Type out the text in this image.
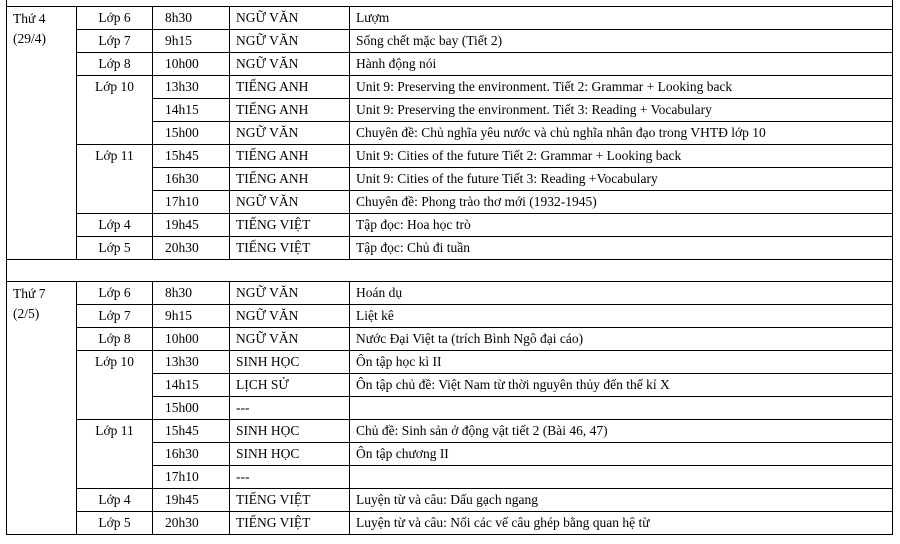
Thứ 4
(29/4)	Lớp 6	8h30	NGỮ VĂN	Lượm
	Lớp 7	9h15	NGỮ VĂN	Sống chết mặc bay (Tiết 2)
	Lớp 8	10h00	NGỮ VĂN	Hành động nói
	Lớp 10	13h30	TIẾNG ANH	Unit 9: Preserving the environment. Tiết 2: Grammar + Looking back
		14h15	TIẾNG ANH	Unit 9: Preserving the environment. Tiết 3: Reading + Vocabulary
		15h00	NGỮ VĂN	Chuyên đề: Chủ nghĩa yêu nước và chủ nghĩa nhân đạo trong VHTĐ lớp 10
	Lớp 11	15h45	TIẾNG ANH	Unit 9: Cities of the future Tiết 2: Grammar + Looking back
		16h30	TIẾNG ANH	Unit 9: Cities of the future Tiết 3: Reading +Vocabulary
		17h10	NGỮ VĂN	Chuyên đề: Phong trào thơ mới (1932-1945)
	Lớp 4	19h45	TIẾNG VIỆT	Tập đọc: Hoa học trò
	Lớp 5	20h30	TIẾNG VIỆT	Tập đọc: Chủ đi tuần

Thứ 7
(2/5)	Lớp 6	8h30	NGỮ VĂN	Hoán dụ
	Lớp 7	9h15	NGỮ VĂN	Liệt kê
	Lớp 8	10h00	NGỮ VĂN	Nước Đại Việt ta (trích Bình Ngô đại cáo)
	Lớp 10	13h30	SINH HỌC	Ôn tập học kì II
		14h15	LỊCH SỬ	Ôn tập chủ đề: Việt Nam từ thời nguyên thủy đến thế kỉ X
		15h00	---	
	Lớp 11	15h45	SINH HỌC	Chủ đề: Sinh sản ở động vật tiết 2 (Bài 46, 47)
		16h30	SINH HỌC	Ôn tập chương II
		17h10	---	
	Lớp 4	19h45	TIẾNG VIỆT	Luyện từ và câu: Dấu gạch ngang
	Lớp 5	20h30	TIẾNG VIỆT	Luyện từ và câu: Nối các vế câu ghép bằng quan hệ từ
